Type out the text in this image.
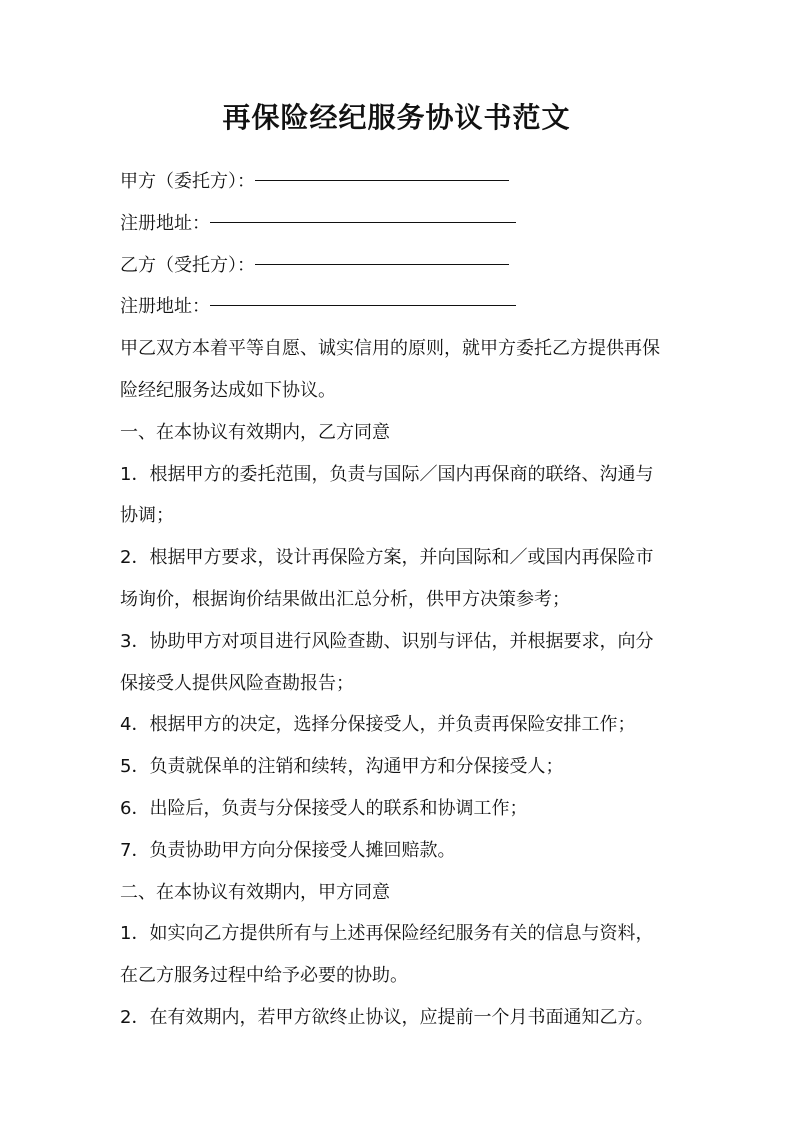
再保险经纪服务协议书范文
甲方（委托方）：
注册地址：
乙方（受托方）：
注册地址：
甲乙双方本着平等自愿、诚实信用的原则，就甲方委托乙方提供再保
险经纪服务达成如下协议。
一、在本协议有效期内，乙方同意
1．根据甲方的委托范围，负责与国际／国内再保商的联络、沟通与
协调；
2．根据甲方要求，设计再保险方案，并向国际和／或国内再保险市
场询价，根据询价结果做出汇总分析，供甲方决策参考；
3．协助甲方对项目进行风险查勘、识别与评估，并根据要求，向分
保接受人提供风险查勘报告；
4．根据甲方的决定，选择分保接受人，并负责再保险安排工作；
5．负责就保单的注销和续转，沟通甲方和分保接受人；
6．出险后，负责与分保接受人的联系和协调工作；
7．负责协助甲方向分保接受人摊回赔款。
二、在本协议有效期内，甲方同意
1．如实向乙方提供所有与上述再保险经纪服务有关的信息与资料，
在乙方服务过程中给予必要的协助。
2．在有效期内，若甲方欲终止协议，应提前一个月书面通知乙方。
